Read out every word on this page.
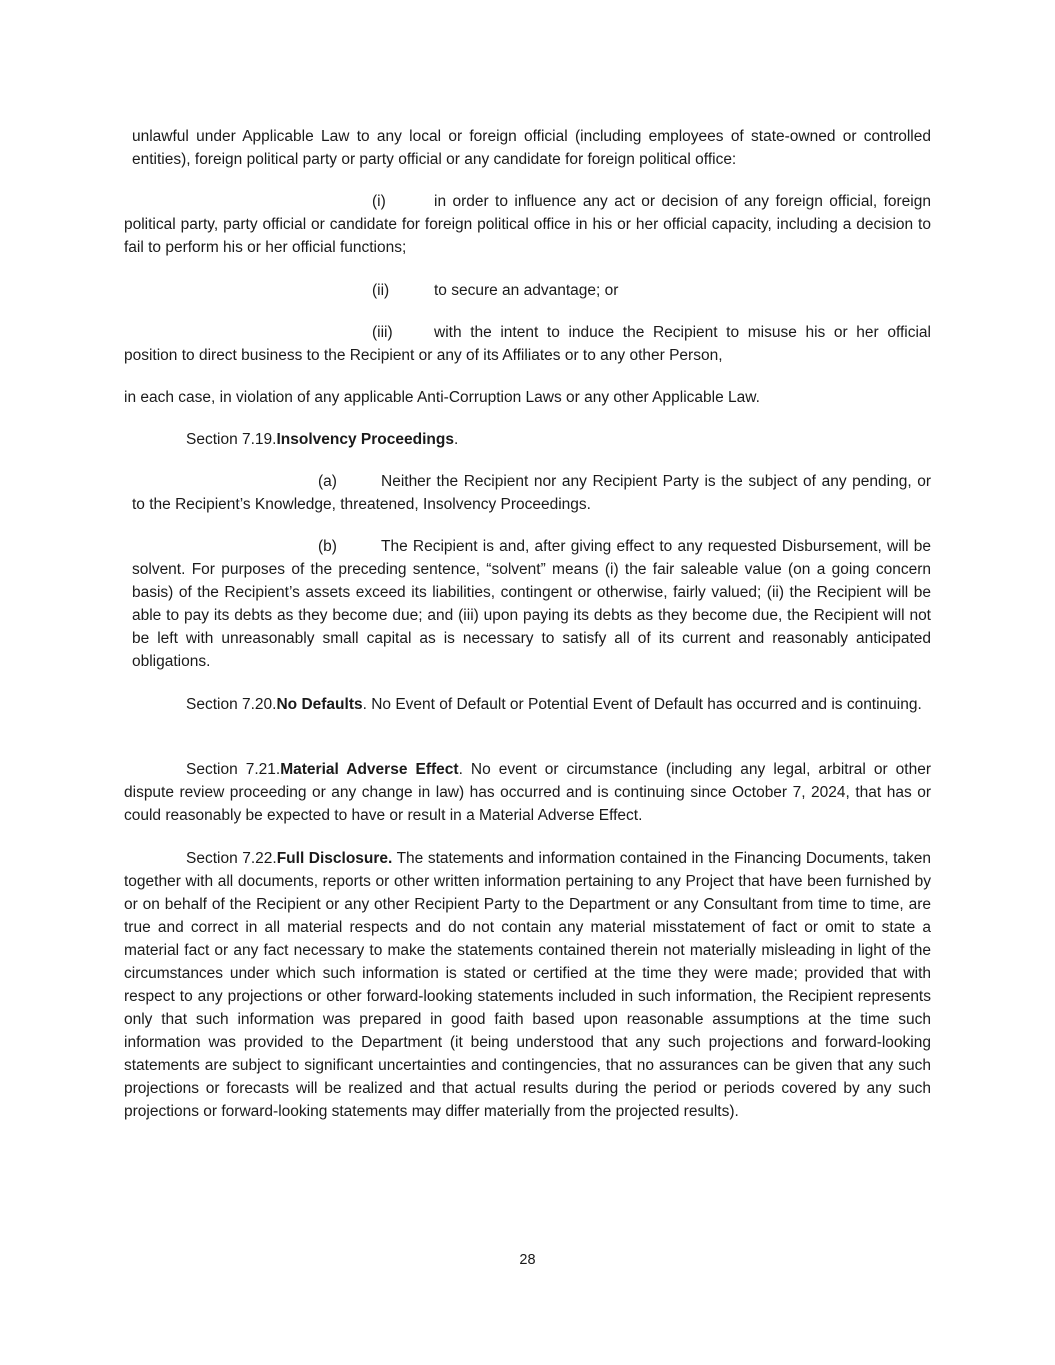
unlawful under Applicable Law to any local or foreign official (including employees of state-owned or controlled entities), foreign political party or party official or any candidate for foreign political office:

(i)	in order to influence any act or decision of any foreign official, foreign political party, party official or candidate for foreign political office in his or her official capacity, including a decision to fail to perform his or her official functions;

(ii)	to secure an advantage; or

(iii)	with the intent to induce the Recipient to misuse his or her official position to direct business to the Recipient or any of its Affiliates or to any other Person,

in each case, in violation of any applicable Anti-Corruption Laws or any other Applicable Law.

Section 7.19.Insolvency Proceedings.

(a)	Neither the Recipient nor any Recipient Party is the subject of any pending, or to the Recipient’s Knowledge, threatened, Insolvency Proceedings.

(b)	The Recipient is and, after giving effect to any requested Disbursement, will be solvent. For purposes of the preceding sentence, “solvent” means (i) the fair saleable value (on a going concern basis) of the Recipient’s assets exceed its liabilities, contingent or otherwise, fairly valued; (ii) the Recipient will be able to pay its debts as they become due; and (iii) upon paying its debts as they become due, the Recipient will not be left with unreasonably small capital as is necessary to satisfy all of its current and reasonably anticipated obligations.

Section 7.20.No Defaults. No Event of Default or Potential Event of Default has occurred and is continuing.

Section 7.21.Material Adverse Effect. No event or circumstance (including any legal, arbitral or other dispute review proceeding or any change in law) has occurred and is continuing since October 7, 2024, that has or could reasonably be expected to have or result in a Material Adverse Effect.

Section 7.22.Full Disclosure. The statements and information contained in the Financing Documents, taken together with all documents, reports or other written information pertaining to any Project that have been furnished by or on behalf of the Recipient or any other Recipient Party to the Department or any Consultant from time to time, are true and correct in all material respects and do not contain any material misstatement of fact or omit to state a material fact or any fact necessary to make the statements contained therein not materially misleading in light of the circumstances under which such information is stated or certified at the time they were made; provided that with respect to any projections or other forward-looking statements included in such information, the Recipient represents only that such information was prepared in good faith based upon reasonable assumptions at the time such information was provided to the Department (it being understood that any such projections and forward-looking statements are subject to significant uncertainties and contingencies, that no assurances can be given that any such projections or forecasts will be realized and that actual results during the period or periods covered by any such projections or forward-looking statements may differ materially from the projected results).

28
